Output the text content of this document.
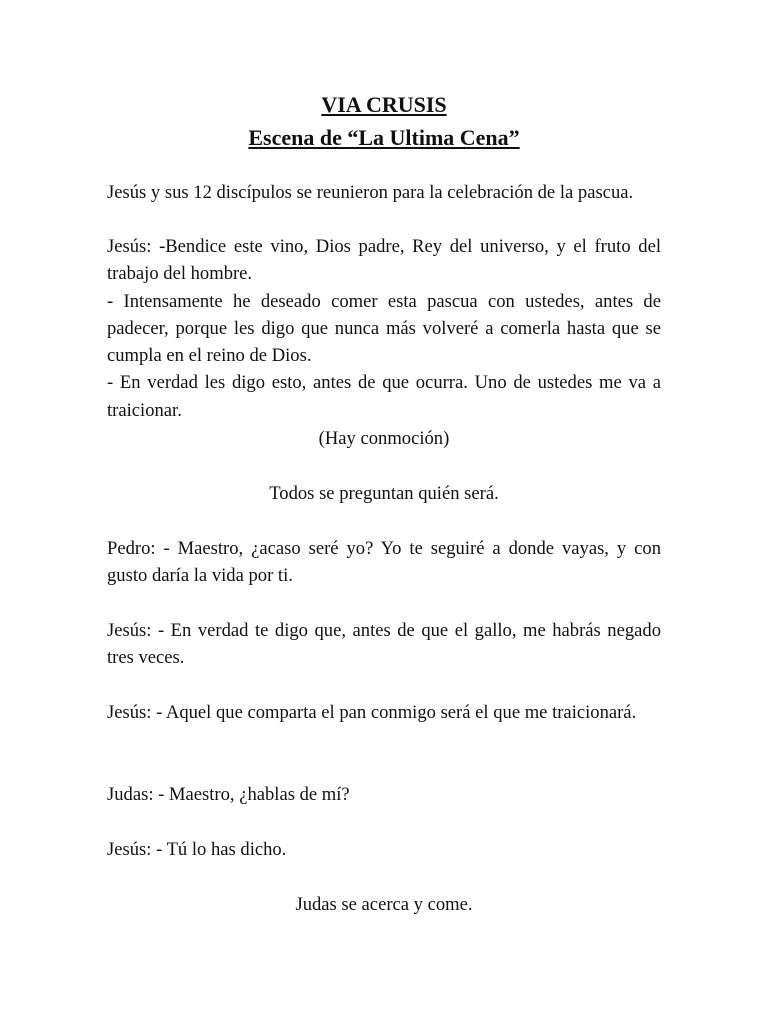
VIA CRUSIS
Escena de “La Ultima Cena”

Jesús y sus 12 discípulos se reunieron para la celebración de la pascua.

Jesús: -Bendice este vino, Dios padre, Rey del universo, y el fruto del trabajo del hombre.

- Intensamente he deseado comer esta pascua con ustedes, antes de padecer, porque les digo que nunca más volveré a comerla hasta que se cumpla en el reino de Dios.

- En verdad les digo esto, antes de que ocurra. Uno de ustedes me va a traicionar.

(Hay conmoción)
Todos se preguntan quién será.

Pedro: - Maestro, ¿acaso seré yo? Yo te seguiré a donde vayas, y con gusto daría la vida por ti.

Jesús: - En verdad te digo que, antes de que el gallo, me habrás negado tres veces.

Jesús: - Aquel que comparta el pan conmigo será el que me traicionará.

Judas: - Maestro, ¿hablas de mí?

Jesús: - Tú lo has dicho.

Judas se acerca y come.
